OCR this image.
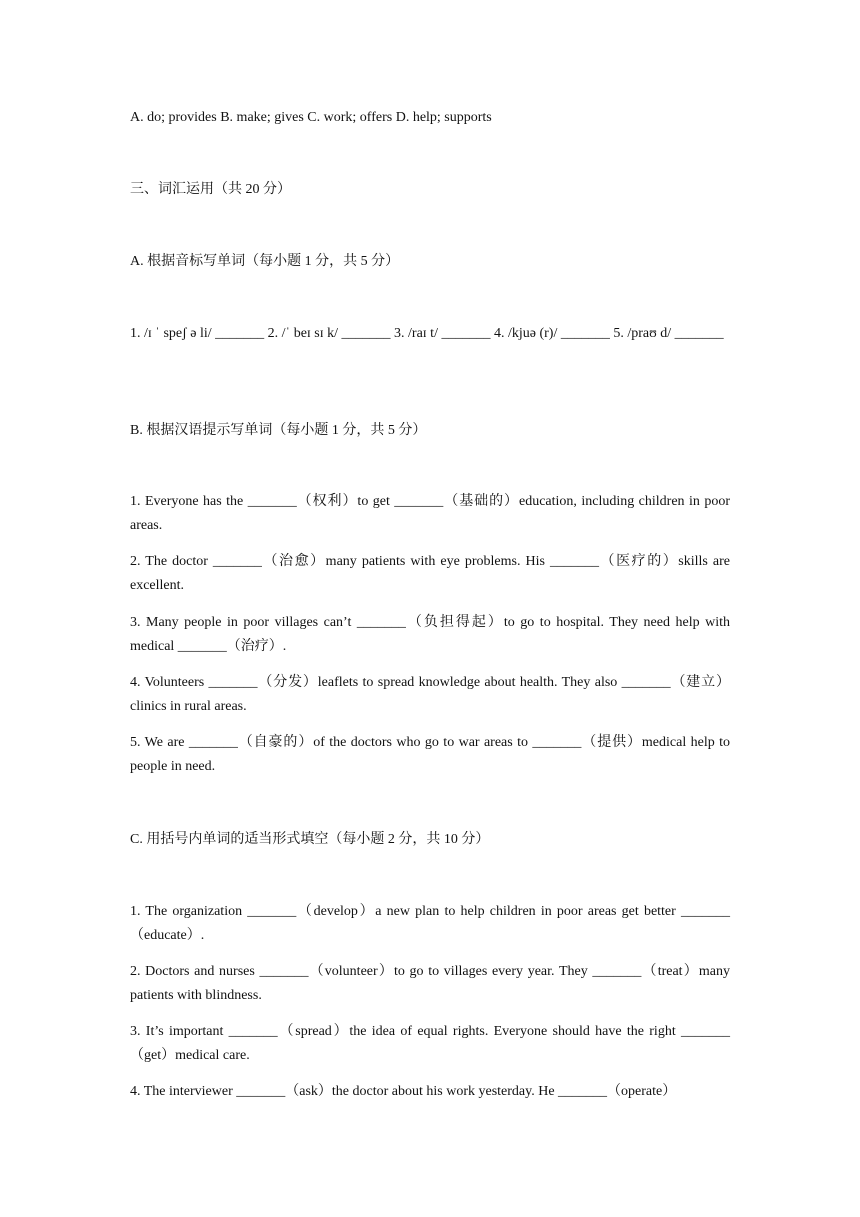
A. do; provides B. make; gives C. work; offers D. help; supports
三、词汇运用（共 20 分）
A. 根据音标写单词（每小题 1 分，共 5 分）
1. /ɪ ˈ speʃ ə li/ _______ 2. /ˈ beɪ sɪ k/ _______ 3. /raɪ t/ _______ 4. /kjuə (r)/ _______ 5. /praʊ d/ _______
B. 根据汉语提示写单词（每小题 1 分，共 5 分）
1. Everyone has the _______（权利）to get _______（基础的）education, including children in poor areas.
2. The doctor _______（治愈）many patients with eye problems. His _______（医疗的）skills are excellent.
3. Many people in poor villages can’t _______（负担得起）to go to hospital. They need help with medical _______（治疗）.
4. Volunteers _______（分发）leaflets to spread knowledge about health. They also _______（建立）clinics in rural areas.
5. We are _______（自豪的）of the doctors who go to war areas to _______（提供）medical help to people in need.
C. 用括号内单词的适当形式填空（每小题 2 分，共 10 分）
1. The organization _______（develop）a new plan to help children in poor areas get better _______（educate）.
2. Doctors and nurses _______（volunteer）to go to villages every year. They _______（treat）many patients with blindness.
3. It’s important _______（spread）the idea of equal rights. Everyone should have the right _______（get）medical care.
4. The interviewer _______（ask）the doctor about his work yesterday. He _______（operate）
